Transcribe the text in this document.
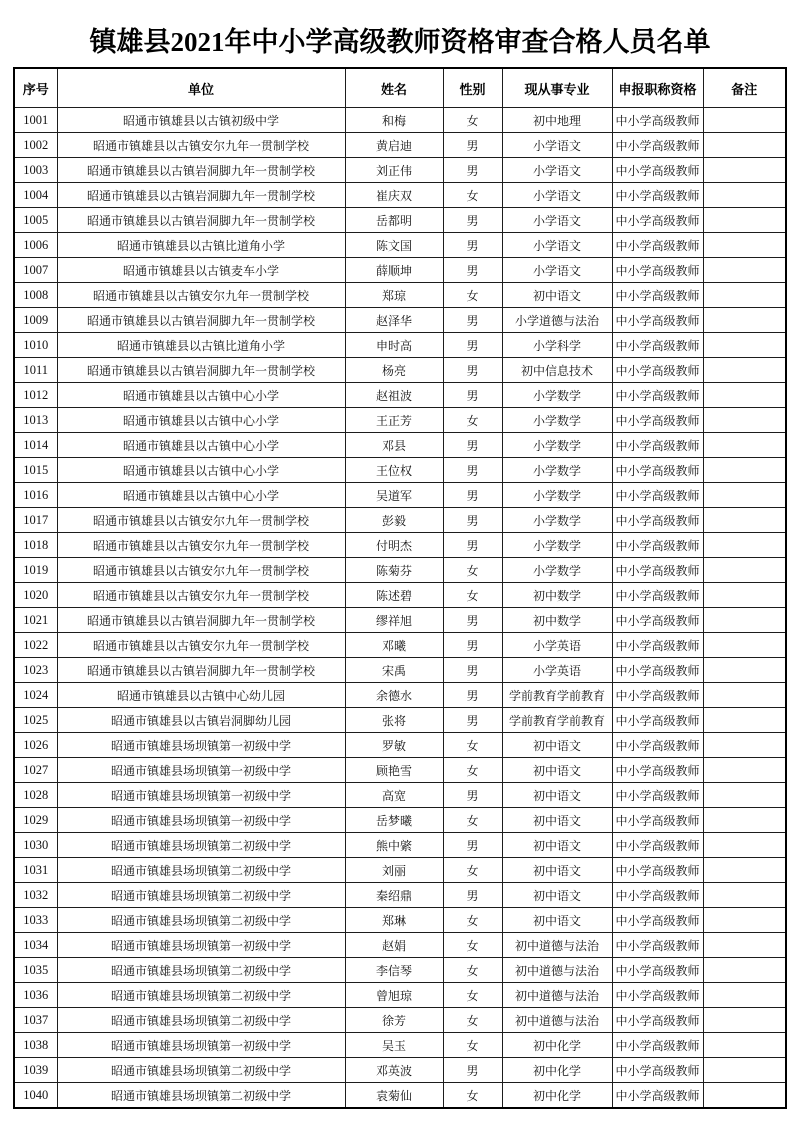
镇雄县2021年中小学高级教师资格审查合格人员名单
序号	单位	姓名	性别	现从事专业	申报职称资格	备注
1001	昭通市镇雄县以古镇初级中学	和梅	女	初中地理	中小学高级教师	
1002	昭通市镇雄县以古镇安尔九年一贯制学校	黄启迪	男	小学语文	中小学高级教师	
1003	昭通市镇雄县以古镇岩洞脚九年一贯制学校	刘正伟	男	小学语文	中小学高级教师	
1004	昭通市镇雄县以古镇岩洞脚九年一贯制学校	崔庆双	女	小学语文	中小学高级教师	
1005	昭通市镇雄县以古镇岩洞脚九年一贯制学校	岳都明	男	小学语文	中小学高级教师	
1006	昭通市镇雄县以古镇比道角小学	陈文国	男	小学语文	中小学高级教师	
1007	昭通市镇雄县以古镇麦车小学	薛顺坤	男	小学语文	中小学高级教师	
1008	昭通市镇雄县以古镇安尔九年一贯制学校	郑琼	女	初中语文	中小学高级教师	
1009	昭通市镇雄县以古镇岩洞脚九年一贯制学校	赵泽华	男	小学道德与法治	中小学高级教师	
1010	昭通市镇雄县以古镇比道角小学	申时高	男	小学科学	中小学高级教师	
1011	昭通市镇雄县以古镇岩洞脚九年一贯制学校	杨亮	男	初中信息技术	中小学高级教师	
1012	昭通市镇雄县以古镇中心小学	赵祖波	男	小学数学	中小学高级教师	
1013	昭通市镇雄县以古镇中心小学	王正芳	女	小学数学	中小学高级教师	
1014	昭通市镇雄县以古镇中心小学	邓县	男	小学数学	中小学高级教师	
1015	昭通市镇雄县以古镇中心小学	王位权	男	小学数学	中小学高级教师	
1016	昭通市镇雄县以古镇中心小学	吴道军	男	小学数学	中小学高级教师	
1017	昭通市镇雄县以古镇安尔九年一贯制学校	彭毅	男	小学数学	中小学高级教师	
1018	昭通市镇雄县以古镇安尔九年一贯制学校	付明杰	男	小学数学	中小学高级教师	
1019	昭通市镇雄县以古镇安尔九年一贯制学校	陈菊芬	女	小学数学	中小学高级教师	
1020	昭通市镇雄县以古镇安尔九年一贯制学校	陈述碧	女	初中数学	中小学高级教师	
1021	昭通市镇雄县以古镇岩洞脚九年一贯制学校	缪祥旭	男	初中数学	中小学高级教师	
1022	昭通市镇雄县以古镇安尔九年一贯制学校	邓曦	男	小学英语	中小学高级教师	
1023	昭通市镇雄县以古镇岩洞脚九年一贯制学校	宋禹	男	小学英语	中小学高级教师	
1024	昭通市镇雄县以古镇中心幼儿园	余德水	男	学前教育学前教育	中小学高级教师	
1025	昭通市镇雄县以古镇岩洞脚幼儿园	张将	男	学前教育学前教育	中小学高级教师	
1026	昭通市镇雄县场坝镇第一初级中学	罗敏	女	初中语文	中小学高级教师	
1027	昭通市镇雄县场坝镇第一初级中学	顾艳雪	女	初中语文	中小学高级教师	
1028	昭通市镇雄县场坝镇第一初级中学	高宽	男	初中语文	中小学高级教师	
1029	昭通市镇雄县场坝镇第一初级中学	岳梦曦	女	初中语文	中小学高级教师	
1030	昭通市镇雄县场坝镇第二初级中学	熊中綮	男	初中语文	中小学高级教师	
1031	昭通市镇雄县场坝镇第二初级中学	刘丽	女	初中语文	中小学高级教师	
1032	昭通市镇雄县场坝镇第二初级中学	秦绍鼎	男	初中语文	中小学高级教师	
1033	昭通市镇雄县场坝镇第二初级中学	郑琳	女	初中语文	中小学高级教师	
1034	昭通市镇雄县场坝镇第一初级中学	赵娟	女	初中道德与法治	中小学高级教师	
1035	昭通市镇雄县场坝镇第二初级中学	李信琴	女	初中道德与法治	中小学高级教师	
1036	昭通市镇雄县场坝镇第二初级中学	曾旭琼	女	初中道德与法治	中小学高级教师	
1037	昭通市镇雄县场坝镇第二初级中学	徐芳	女	初中道德与法治	中小学高级教师	
1038	昭通市镇雄县场坝镇第一初级中学	吴玉	女	初中化学	中小学高级教师	
1039	昭通市镇雄县场坝镇第二初级中学	邓英波	男	初中化学	中小学高级教师	
1040	昭通市镇雄县场坝镇第二初级中学	袁菊仙	女	初中化学	中小学高级教师	
